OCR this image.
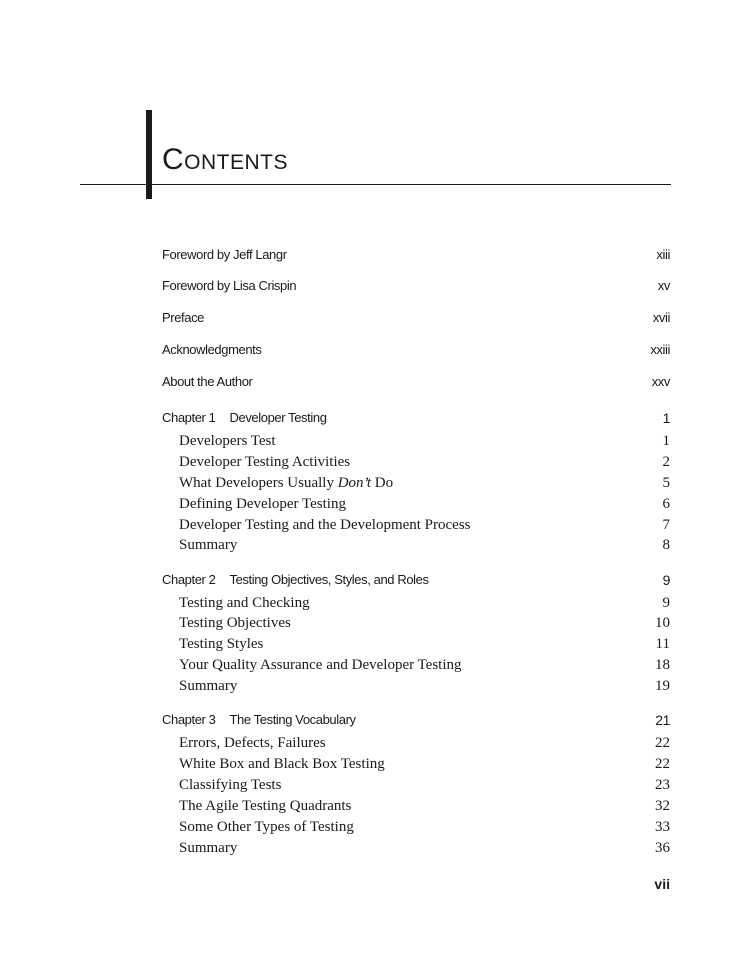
Contents
Foreword by Jeff Langr	xiii
Foreword by Lisa Crispin	xv
Preface	xvii
Acknowledgments	xxiii
About the Author	xxv
Chapter 1 Developer Testing	1
Developers Test	1
Developer Testing Activities	2
What Developers Usually Don’t Do	5
Defining Developer Testing	6
Developer Testing and the Development Process	7
Summary	8
Chapter 2 Testing Objectives, Styles, and Roles	9
Testing and Checking	9
Testing Objectives	10
Testing Styles	11
Your Quality Assurance and Developer Testing	18
Summary	19
Chapter 3 The Testing Vocabulary	21
Errors, Defects, Failures	22
White Box and Black Box Testing	22
Classifying Tests	23
The Agile Testing Quadrants	32
Some Other Types of Testing	33
Summary	36
vii
